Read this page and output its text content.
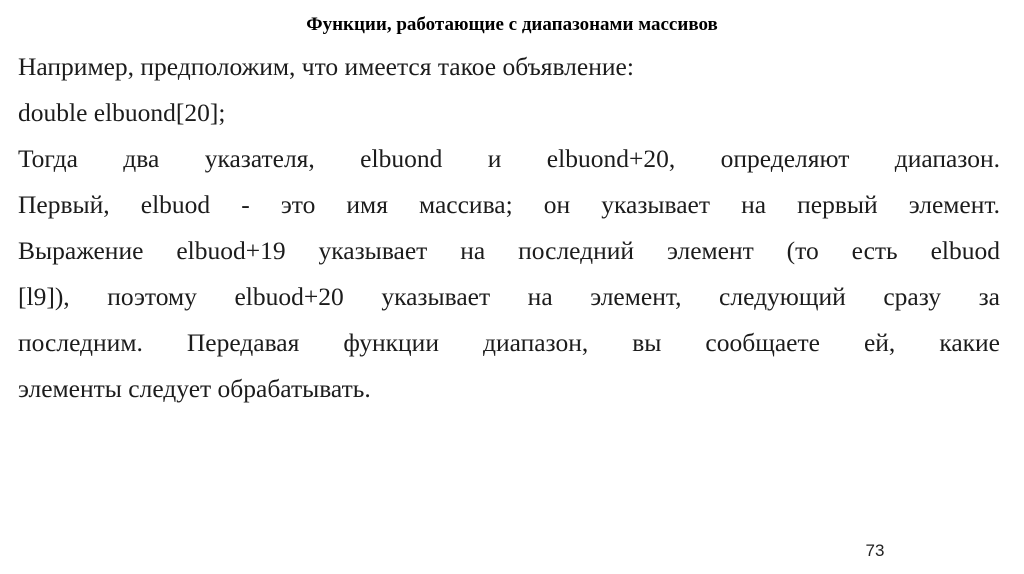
Функции, работающие с диапазонами массивов
Например, предположим, что имеется такое объявление:
double elbuond[20];
Тогда два указателя, elbuond и elbuond+20, определяют диапазон.
Первый, elbuod - это имя массива; он указывает на первый элемент.
Выражение elbuod+19 указывает на последний элемент (то есть elbuod
[l9]), поэтому elbuod+20 указывает на элемент, следующий сразу за
последним. Передавая функции диапазон, вы сообщаете ей, какие
элементы следует обрабатывать.
73
